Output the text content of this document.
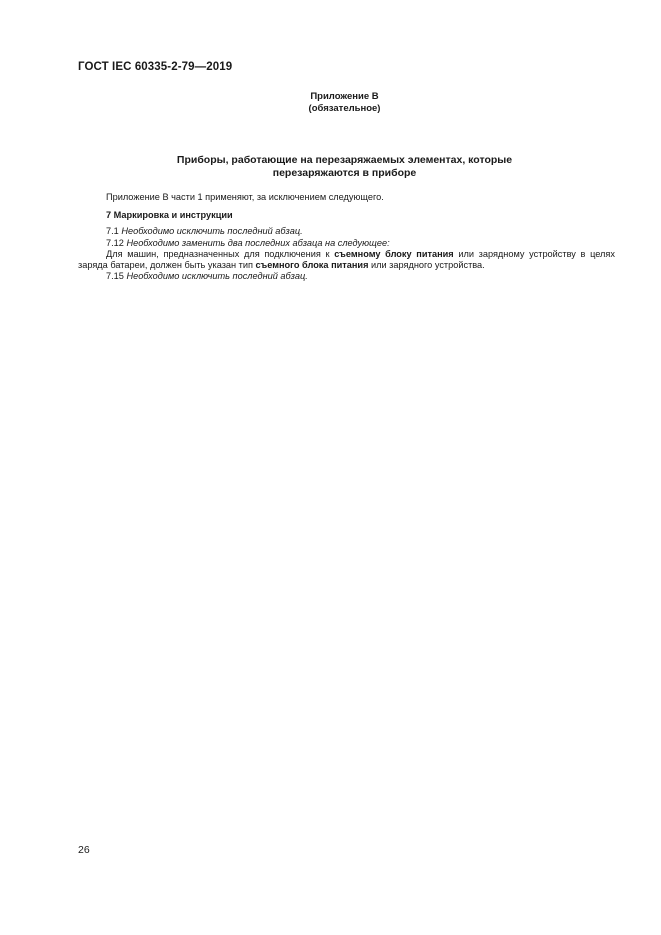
ГОСТ IEC 60335-2-79—2019
Приложение В
(обязательное)
Приборы, работающие на перезаряжаемых элементах, которые
перезаряжаются в приборе

Приложение В части 1 применяют, за исключением следующего.

7 Маркировка и инструкции

7.1 Необходимо исключить последний абзац.

7.12 Необходимо заменить два последних абзаца на следующее:

Для машин, предназначенных для подключения к съемному блоку питания или зарядному устройству в целях заряда батареи, должен быть указан тип съемного блока питания или зарядного устройства.

7.15 Необходимо исключить последний абзац.

26
